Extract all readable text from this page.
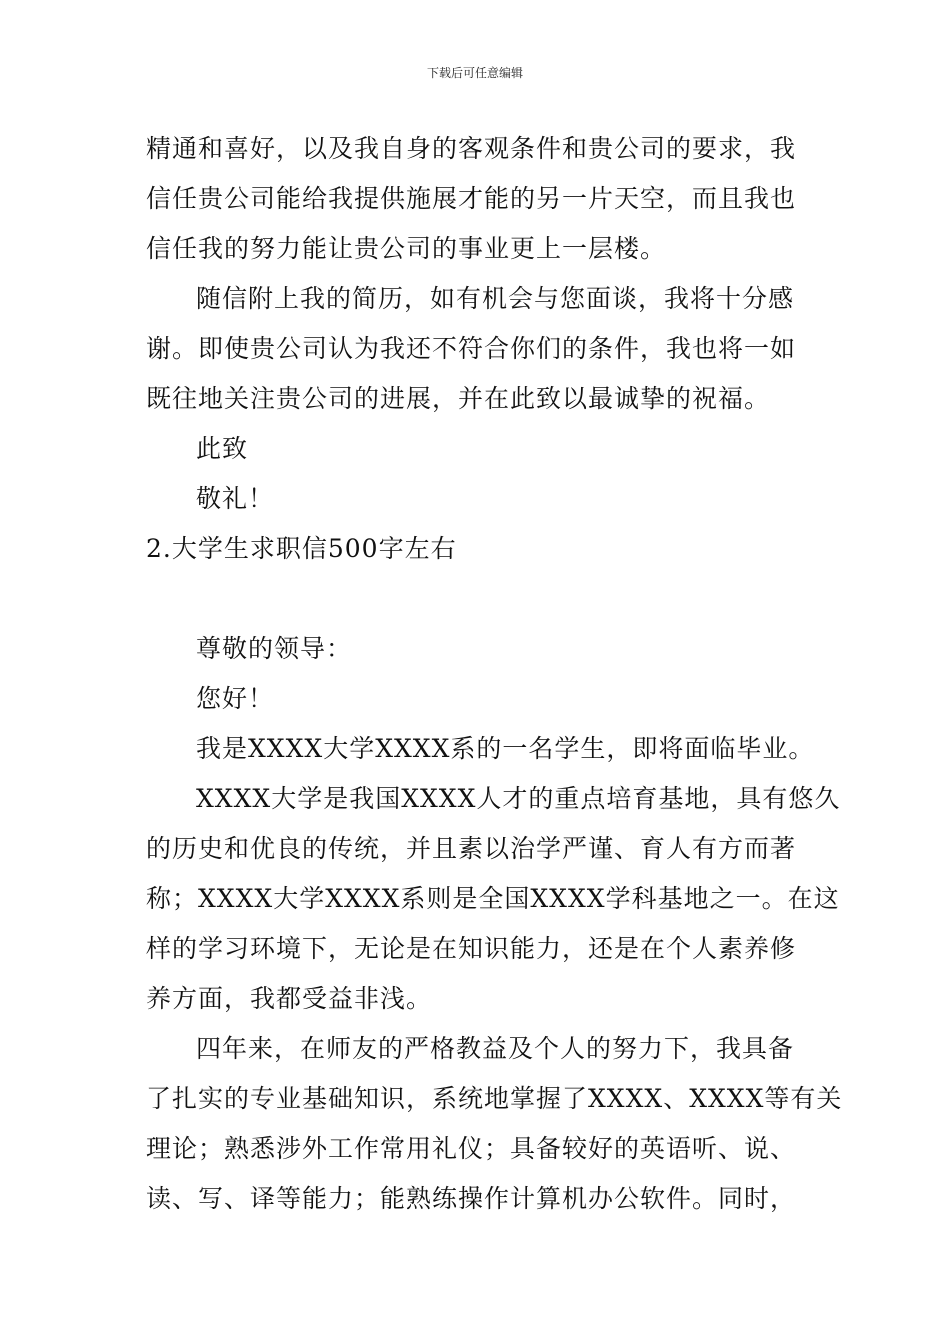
下载后可任意编辑
精通和喜好，以及我自身的客观条件和贵公司的要求，我
信任贵公司能给我提供施展才能的另一片天空，而且我也
信任我的努力能让贵公司的事业更上一层楼。
随信附上我的简历，如有机会与您面谈，我将十分感
谢。即使贵公司认为我还不符合你们的条件，我也将一如
既往地关注贵公司的进展，并在此致以最诚挚的祝福。
此致
敬礼！
2.大学生求职信500字左右
尊敬的领导：
您好！
我是XXXX大学XXXX系的一名学生，即将面临毕业。
XXXX大学是我国XXXX人才的重点培育基地，具有悠久
的历史和优良的传统，并且素以治学严谨、育人有方而著
称；XXXX大学XXXX系则是全国XXXX学科基地之一。在这
样的学习环境下，无论是在知识能力，还是在个人素养修
养方面，我都受益非浅。
四年来，在师友的严格教益及个人的努力下，我具备
了扎实的专业基础知识，系统地掌握了XXXX、XXXX等有关
理论；熟悉涉外工作常用礼仪；具备较好的英语听、说、
读、写、译等能力；能熟练操作计算机办公软件。同时，
